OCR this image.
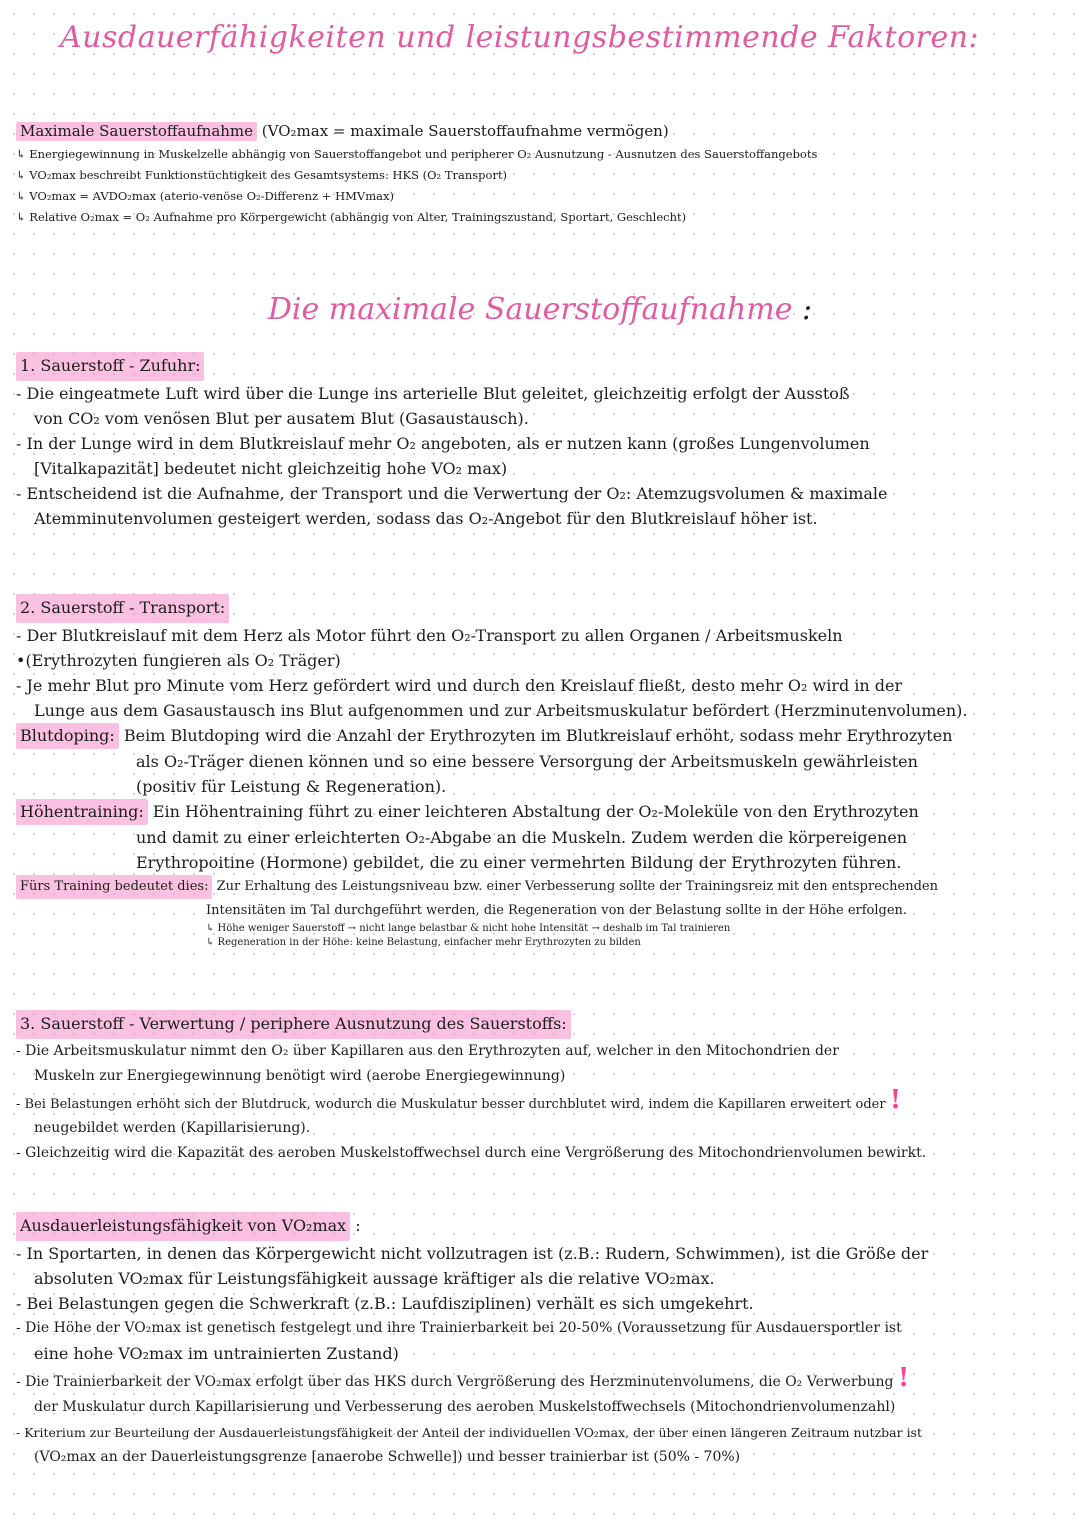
Ausdauerfähigkeiten und leistungsbestimmende Faktoren:
Maximale Sauerstoffaufnahme (VO₂max = maximale Sauerstoffaufnahme vermögen)
↳ Energiegewinnung in Muskelzelle abhängig von Sauerstoffangebot und peripherer O₂ Ausnutzung - Ausnutzen des Sauerstoffangebots
↳ VO₂max beschreibt Funktionstüchtigkeit des Gesamtsystems: HKS (O₂ Transport)
↳ VO₂max = AVDO₂max (aterio-venöse O₂-Differenz + HMVmax)
↳ Relative O₂max = O₂ Aufnahme pro Körpergewicht (abhängig von Alter, Trainingszustand, Sportart, Geschlecht)
Die maximale Sauerstoffaufnahme :
1. Sauerstoff - Zufuhr:
- Die eingeatmete Luft wird über die Lunge ins arterielle Blut geleitet, gleichzeitig erfolgt der Ausstoß
von CO₂ vom venösen Blut per ausatem Blut (Gasaustausch).
- In der Lunge wird in dem Blutkreislauf mehr O₂ angeboten, als er nutzen kann (großes Lungenvolumen
[Vitalkapazität] bedeutet nicht gleichzeitig hohe VO₂ max)
- Entscheidend ist die Aufnahme, der Transport und die Verwertung der O₂: Atemzugsvolumen & maximale
Atemminutenvolumen gesteigert werden, sodass das O₂-Angebot für den Blutkreislauf höher ist.
2. Sauerstoff - Transport:
- Der Blutkreislauf mit dem Herz als Motor führt den O₂-Transport zu allen Organen / Arbeitsmuskeln
•(Erythrozyten fungieren als O₂ Träger)
- Je mehr Blut pro Minute vom Herz gefördert wird und durch den Kreislauf fließt, desto mehr O₂ wird in der
Lunge aus dem Gasaustausch ins Blut aufgenommen und zur Arbeitsmuskulatur befördert (Herzminutenvolumen).
Blutdoping: Beim Blutdoping wird die Anzahl der Erythrozyten im Blutkreislauf erhöht, sodass mehr Erythrozyten
als O₂-Träger dienen können und so eine bessere Versorgung der Arbeitsmuskeln gewährleisten
(positiv für Leistung & Regeneration).
Höhentraining: Ein Höhentraining führt zu einer leichteren Abstaltung der O₂-Moleküle von den Erythrozyten
und damit zu einer erleichterten O₂-Abgabe an die Muskeln. Zudem werden die körpereigenen
Erythropoitine (Hormone) gebildet, die zu einer vermehrten Bildung der Erythrozyten führen.
Fürs Training bedeutet dies: Zur Erhaltung des Leistungsniveau bzw. einer Verbesserung sollte der Trainingsreiz mit den entsprechenden
Intensitäten im Tal durchgeführt werden, die Regeneration von der Belastung sollte in der Höhe erfolgen.
↳ Höhe weniger Sauerstoff → nicht lange belastbar & nicht hohe Intensität → deshalb im Tal trainieren
↳ Regeneration in der Höhe: keine Belastung, einfacher mehr Erythrozyten zu bilden
3. Sauerstoff - Verwertung / periphere Ausnutzung des Sauerstoffs:
- Die Arbeitsmuskulatur nimmt den O₂ über Kapillaren aus den Erythrozyten auf, welcher in den Mitochondrien der
Muskeln zur Energiegewinnung benötigt wird (aerobe Energiegewinnung)
- Bei Belastungen erhöht sich der Blutdruck, wodurch die Muskulatur besser durchblutet wird, indem die Kapillaren erweitert oder !
neugebildet werden (Kapillarisierung).
- Gleichzeitig wird die Kapazität des aeroben Muskelstoffwechsel durch eine Vergrößerung des Mitochondrienvolumen bewirkt.
Ausdauerleistungsfähigkeit von VO₂max :
- In Sportarten, in denen das Körpergewicht nicht vollzutragen ist (z.B.: Rudern, Schwimmen), ist die Größe der
absoluten VO₂max für Leistungsfähigkeit aussage kräftiger als die relative VO₂max.
- Bei Belastungen gegen die Schwerkraft (z.B.: Laufdisziplinen) verhält es sich umgekehrt.
- Die Höhe der VO₂max ist genetisch festgelegt und ihre Trainierbarkeit bei 20-50% (Voraussetzung für Ausdauersportler ist
eine hohe VO₂max im untrainierten Zustand)
- Die Trainierbarkeit der VO₂max erfolgt über das HKS durch Vergrößerung des Herzminutenvolumens, die O₂ Verwerbung !
der Muskulatur durch Kapillarisierung und Verbesserung des aeroben Muskelstoffwechsels (Mitochondrienvolumenzahl)
- Kriterium zur Beurteilung der Ausdauerleistungsfähigkeit der Anteil der individuellen VO₂max, der über einen längeren Zeitraum nutzbar ist
(VO₂max an der Dauerleistungsgrenze [anaerobe Schwelle]) und besser trainierbar ist (50% - 70%)
